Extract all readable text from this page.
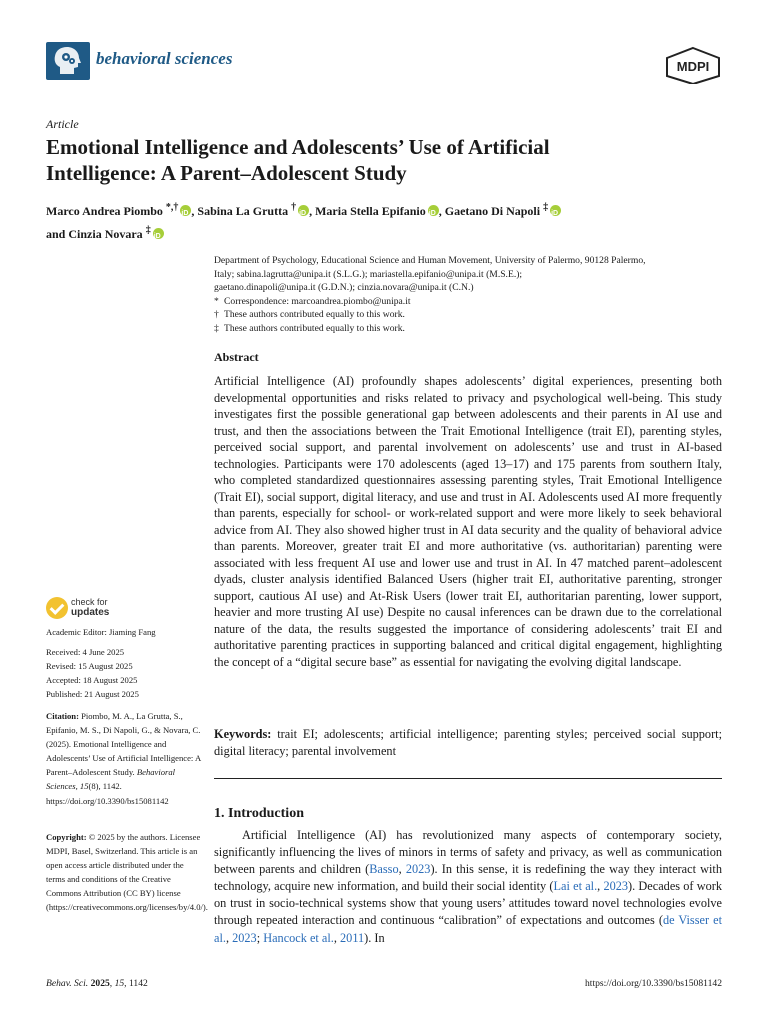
behavioral sciences	MDPI
Article
Emotional Intelligence and Adolescents’ Use of Artificial
Intelligence: A Parent–Adolescent Study
Marco Andrea Piombo *,† iD , Sabina La Grutta † iD , Maria Stella Epifanio iD , Gaetano Di Napoli ‡iD
and Cinzia Novara ‡iD
Department of Psychology, Educational Science and Human Movement, University of Palermo, 90128 Palermo,
Italy; sabina.lagrutta@unipa.it (S.L.G.); mariastella.epifanio@unipa.it (M.S.E.);
gaetano.dinapoli@unipa.it (G.D.N.); cinzia.novara@unipa.it (C.N.)
* Correspondence: marcoandrea.piombo@unipa.it
† These authors contributed equally to this work.
‡ These authors contributed equally to this work.
Abstract
Artificial Intelligence (AI) profoundly shapes adolescents’ digital experiences, presenting both developmental opportunities and risks related to privacy and psychological well-being. This study investigates first the possible generational gap between adolescents and their parents in AI use and trust, and then the associations between the Trait Emotional Intelligence (trait EI), parenting styles, perceived social support, and parental involvement on adolescents’ use and trust in AI-based technologies. Participants were 170 adolescents (aged 13–17) and 175 parents from southern Italy, who completed standardized questionnaires assessing parenting styles, Trait Emotional Intelligence (Trait EI), social support, digital literacy, and use and trust in AI. Adolescents used AI more frequently than parents, especially for school- or work-related support and were more likely to seek behavioral advice from AI. They also showed higher trust in AI data security and the quality of behavioral advice than parents. Moreover, greater trait EI and more authoritative (vs. authoritarian) parenting were associated with less frequent AI use and lower use and trust in AI. In 47 matched parent–adolescent dyads, cluster analysis identified Balanced Users (higher trait EI, authoritative parenting, stronger support, cautious AI use) and At-Risk Users (lower trait EI, authoritarian parenting, lower support, heavier and more trusting AI use) Despite no causal inferences can be drawn due to the correlational nature of the data, the results suggested the importance of considering adolescents’ trait EI and authoritative parenting practices in supporting balanced and critical digital engagement, highlighting the concept of a “digital secure base” as essential for navigating the evolving digital landscape.
Keywords: trait EI; adolescents; artificial intelligence; parenting styles; perceived social support; digital literacy; parental involvement
1. Introduction
Artificial Intelligence (AI) has revolutionized many aspects of contemporary society, significantly influencing the lives of minors in terms of safety and privacy, as well as communication between parents and children (Basso, 2023). In this sense, it is redefining the way they interact with technology, acquire new information, and build their social identity (Lai et al., 2023). Decades of work on trust in socio-technical systems show that young users’ attitudes toward novel technologies evolve through repeated interaction and continuous “calibration” of expectations and outcomes (de Visser et al., 2023; Hancock et al., 2011). In
check for
updates
Academic Editor: Jiaming Fang
Received: 4 June 2025
Revised: 15 August 2025
Accepted: 18 August 2025
Published: 21 August 2025
Citation: Piombo, M. A., La Grutta, S., Epifanio, M. S., Di Napoli, G., & Novara, C. (2025). Emotional Intelligence and Adolescents’ Use of Artificial Intelligence: A Parent–Adolescent Study. Behavioral Sciences, 15(8), 1142. https://doi.org/10.3390/bs15081142
Copyright: © 2025 by the authors. Licensee MDPI, Basel, Switzerland. This article is an open access article distributed under the terms and conditions of the Creative Commons Attribution (CC BY) license (https://creativecommons.org/licenses/by/4.0/).
Behav. Sci. 2025, 15, 1142	https://doi.org/10.3390/bs15081142
